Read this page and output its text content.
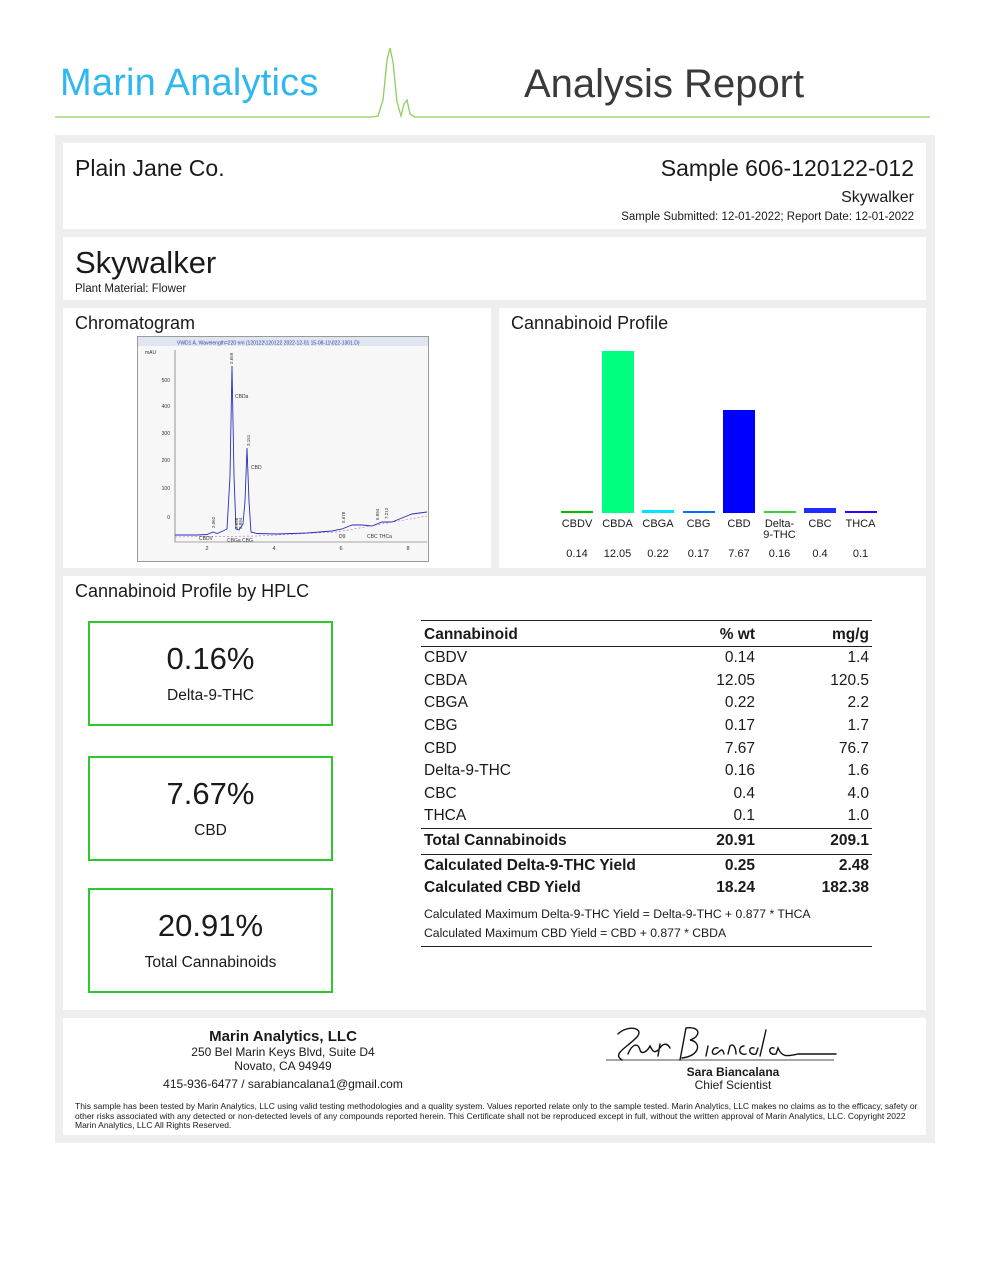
Marin Analytics	Analysis Report
Plain Jane Co.	Sample 606-120122-012
Skywalker
Sample Submitted: 12-01-2022; Report Date: 12-01-2022
Skywalker
Plant Material: Flower
Chromatogram
VWD1 A, Wavelength=220 nm (120122\120122 2022-12-01 15-08-11\022-1301.D)
mAU
500
400
300
200
100
0
2	4	6	8
CBDa
CBD
CBDV	CBGa CBG
D9	CBC THCa
2.659
3.151
2.062	2.656 2.894
5.678	6.894 7.212
Cannabinoid Profile
CBDV
0.14
CBDA
12.05
CBGA
0.22
CBG
0.17
CBD
7.67
Delta-
9-THC
0.16
CBC
0.4
THCA
0.1
Cannabinoid Profile by HPLC
0.16%
Delta-9-THC
7.67%
CBD
20.91%
Total Cannabinoids
Cannabinoid	% wt	mg/g
CBDV	0.14	1.4
CBDA	12.05	120.5
CBGA	0.22	2.2
CBG	0.17	1.7
CBD	7.67	76.7
Delta-9-THC	0.16	1.6
CBC	0.4	4.0
THCA	0.1	1.0
Total Cannabinoids	20.91	209.1
Calculated Delta-9-THC Yield	0.25	2.48
Calculated CBD Yield	18.24	182.38
Calculated Maximum Delta-9-THC Yield = Delta-9-THC + 0.877 * THCA
Calculated Maximum CBD Yield = CBD + 0.877 * CBDA
Marin Analytics, LLC
250 Bel Marin Keys Blvd, Suite D4
Novato, CA 94949
415-936-6477 / sarabiancalana1@gmail.com
Sara Biancalana
Chief Scientist
This sample has been tested by Marin Analytics, LLC using valid testing methodologies and a quality system. Values reported relate only to the sample tested. Marin Analytics, LLC makes no claims as to the efficacy, safety or other risks associated with any detected or non-detected levels of any compounds reported herein. This Certificate shall not be reproduced except in full, without the written approval of Marin Analytics, LLC. Copyright 2022 Marin Analytics, LLC All Rights Reserved.
